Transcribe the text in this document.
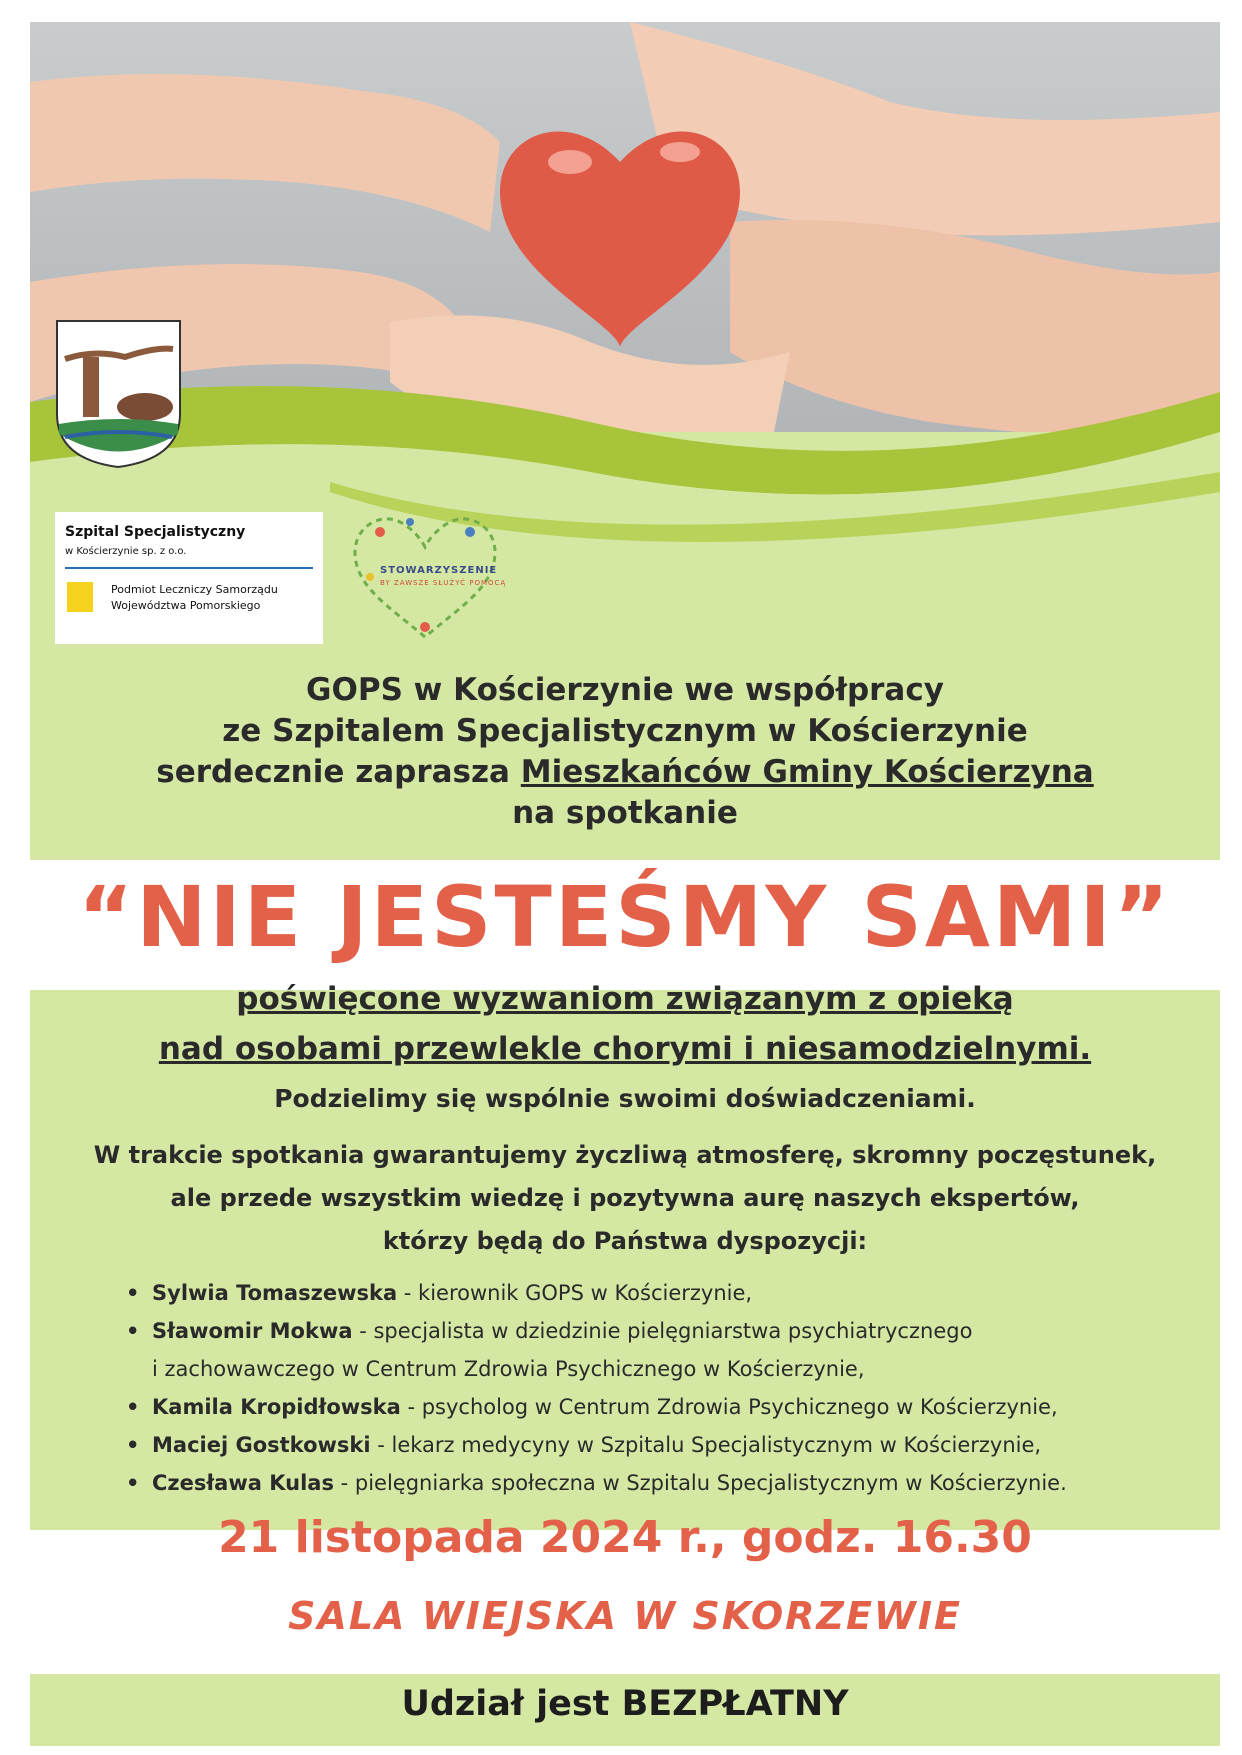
Szpital Specjalistyczny
w Kościerzynie sp. z o.o.
Podmiot Leczniczy Samorządu
Województwa Pomorskiego
STOWARZYSZENIE
BY ZAWSZE SŁUŻYĆ POMOCĄ
GOPS w Kościerzynie we współpracy
ze Szpitalem Specjalistycznym w Kościerzynie
serdecznie zaprasza Mieszkańców Gminy Kościerzyna
na spotkanie
“NIE JESTEŚMY SAMI”
poświęcone wyzwaniom związanym z opieką
nad osobami przewlekle chorymi i niesamodzielnymi.
Podzielimy się wspólnie swoimi doświadczeniami.
W trakcie spotkania gwarantujemy życzliwą atmosferę, skromny poczęstunek,
ale przede wszystkim wiedzę i pozytywna aurę naszych ekspertów,
którzy będą do Państwa dyspozycji:
• Sylwia Tomaszewska - kierownik GOPS w Kościerzynie,
• Sławomir Mokwa - specjalista w dziedzinie pielęgniarstwa psychiatrycznego
i zachowawczego w Centrum Zdrowia Psychicznego w Kościerzynie,
• Kamila Kropidłowska - psycholog w Centrum Zdrowia Psychicznego w Kościerzynie,
• Maciej Gostkowski - lekarz medycyny w Szpitalu Specjalistycznym w Kościerzynie,
• Czesława Kulas - pielęgniarka społeczna w Szpitalu Specjalistycznym w Kościerzynie.
21 listopada 2024 r., godz. 16.30
SALA WIEJSKA W SKORZEWIE
Udział jest BEZPŁATNY
